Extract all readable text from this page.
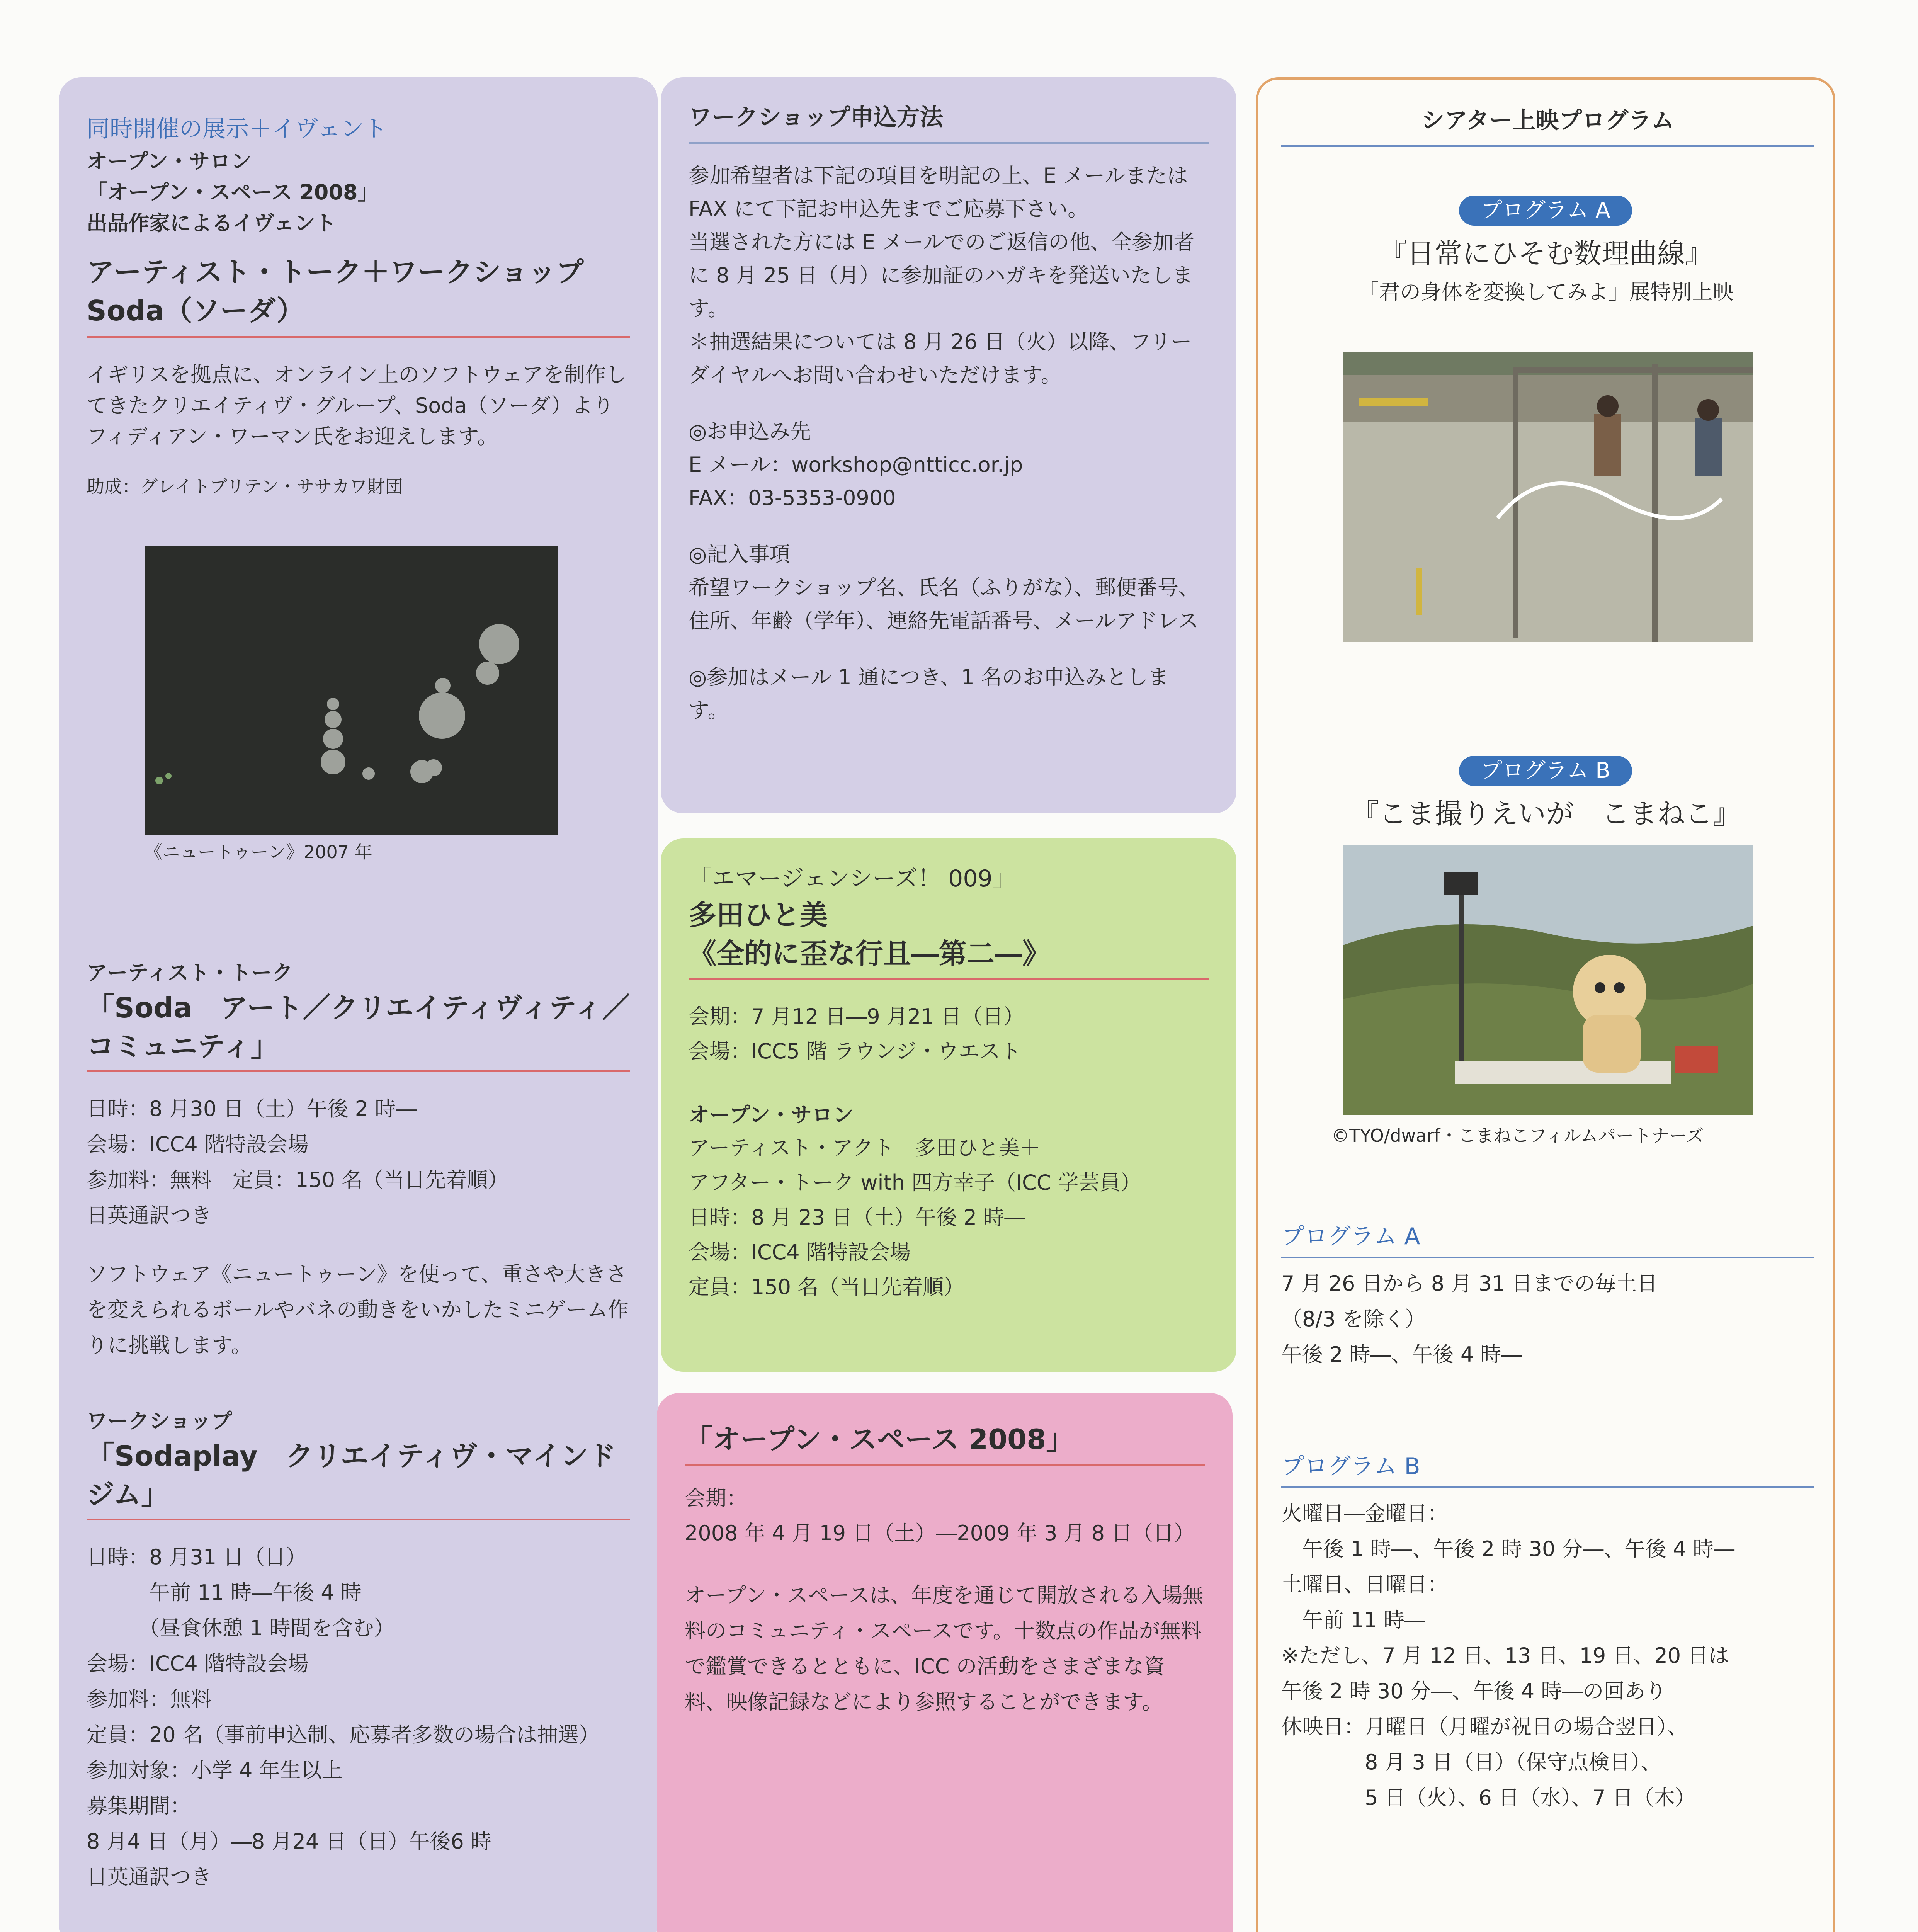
同時開催の展示＋イヴェント
オープン・サロン
「オープン・スペース 2008」
出品作家によるイヴェント
アーティスト・トーク＋ワークショップ
Soda（ソーダ）
イギリスを拠点に、オンライン上のソフトウェアを制作してきたクリエイティヴ・グループ、Soda（ソーダ）よりフィディアン・ワーマン氏をお迎えします。
助成：グレイトブリテン・ササカワ財団
《ニュートゥーン》2007 年
アーティスト・トーク
「Soda　アート／クリエイティヴィティ／コミュニティ」
日時：8 月30 日（土）午後 2 時―
会場：ICC4 階特設会場
参加料：無料　定員：150 名（当日先着順）
日英通訳つき
ソフトウェア《ニュートゥーン》を使って、重さや大きさを変えられるボールやバネの動きをいかしたミニゲーム作りに挑戦します。
ワークショップ
「Sodaplay　クリエイティヴ・マインドジム」
日時：8 月31 日（日）
　　　午前 11 時―午後 4 時
　　　（昼食休憩 1 時間を含む）
会場：ICC4 階特設会場
参加料：無料
定員：20 名（事前申込制、応募者多数の場合は抽選）
参加対象：小学 4 年生以上
募集期間：
8 月4 日（月）―8 月24 日（日）午後6 時
日英通訳つき
ワークショップ申込方法
参加希望者は下記の項目を明記の上、E メールまたは FAX にて下記お申込先までご応募下さい。
当選された方には E メールでのご返信の他、全参加者に 8 月 25 日（月）に参加証のハガキを発送いたします。
＊抽選結果については 8 月 26 日（火）以降、フリーダイヤルへお問い合わせいただけます。
◎お申込み先
E メール：workshop@ntticc.or.jp
FAX：03-5353-0900
◎記入事項
希望ワークショップ名、氏名（ふりがな）、郵便番号、住所、年齢（学年）、連絡先電話番号、メールアドレス
◎参加はメール 1 通につき、1 名のお申込みとします。
「エマージェンシーズ！ 009」
多田ひと美
《全的に歪な行且―第二―》
会期：7 月12 日―9 月21 日（日）
会場：ICC5 階 ラウンジ・ウエスト
オープン・サロン
アーティスト・アクト　多田ひと美＋
アフター・トーク with 四方幸子（ICC 学芸員）
日時：8 月 23 日（土）午後 2 時―
会場：ICC4 階特設会場
定員：150 名（当日先着順）
「オープン・スペース 2008」
会期：
2008 年 4 月 19 日（土）―2009 年 3 月 8 日（日）
オープン・スペースは、年度を通じて開放される入場無料のコミュニティ・スペースです。十数点の作品が無料で鑑賞できるとともに、ICC の活動をさまざまな資料、映像記録などにより参照することができます。
シアター上映プログラム
プログラム A
『日常にひそむ数理曲線』
「君の身体を変換してみよ」展特別上映
プログラム B
『こま撮りえいが　こまねこ』
©TYO/dwarf・こまねこフィルムパートナーズ
プログラム A
7 月 26 日から 8 月 31 日までの毎土日
（8/3 を除く）
午後 2 時―、午後 4 時―
プログラム B
火曜日―金曜日：
　午後 1 時―、午後 2 時 30 分―、午後 4 時―
土曜日、日曜日：
　午前 11 時―
※ただし、7 月 12 日、13 日、19 日、20 日は
午後 2 時 30 分―、午後 4 時―の回あり
休映日：月曜日（月曜が祝日の場合翌日）、
　　　　8 月 3 日（日）（保守点検日）、
　　　　5 日（火）、6 日（水）、7 日（木）
